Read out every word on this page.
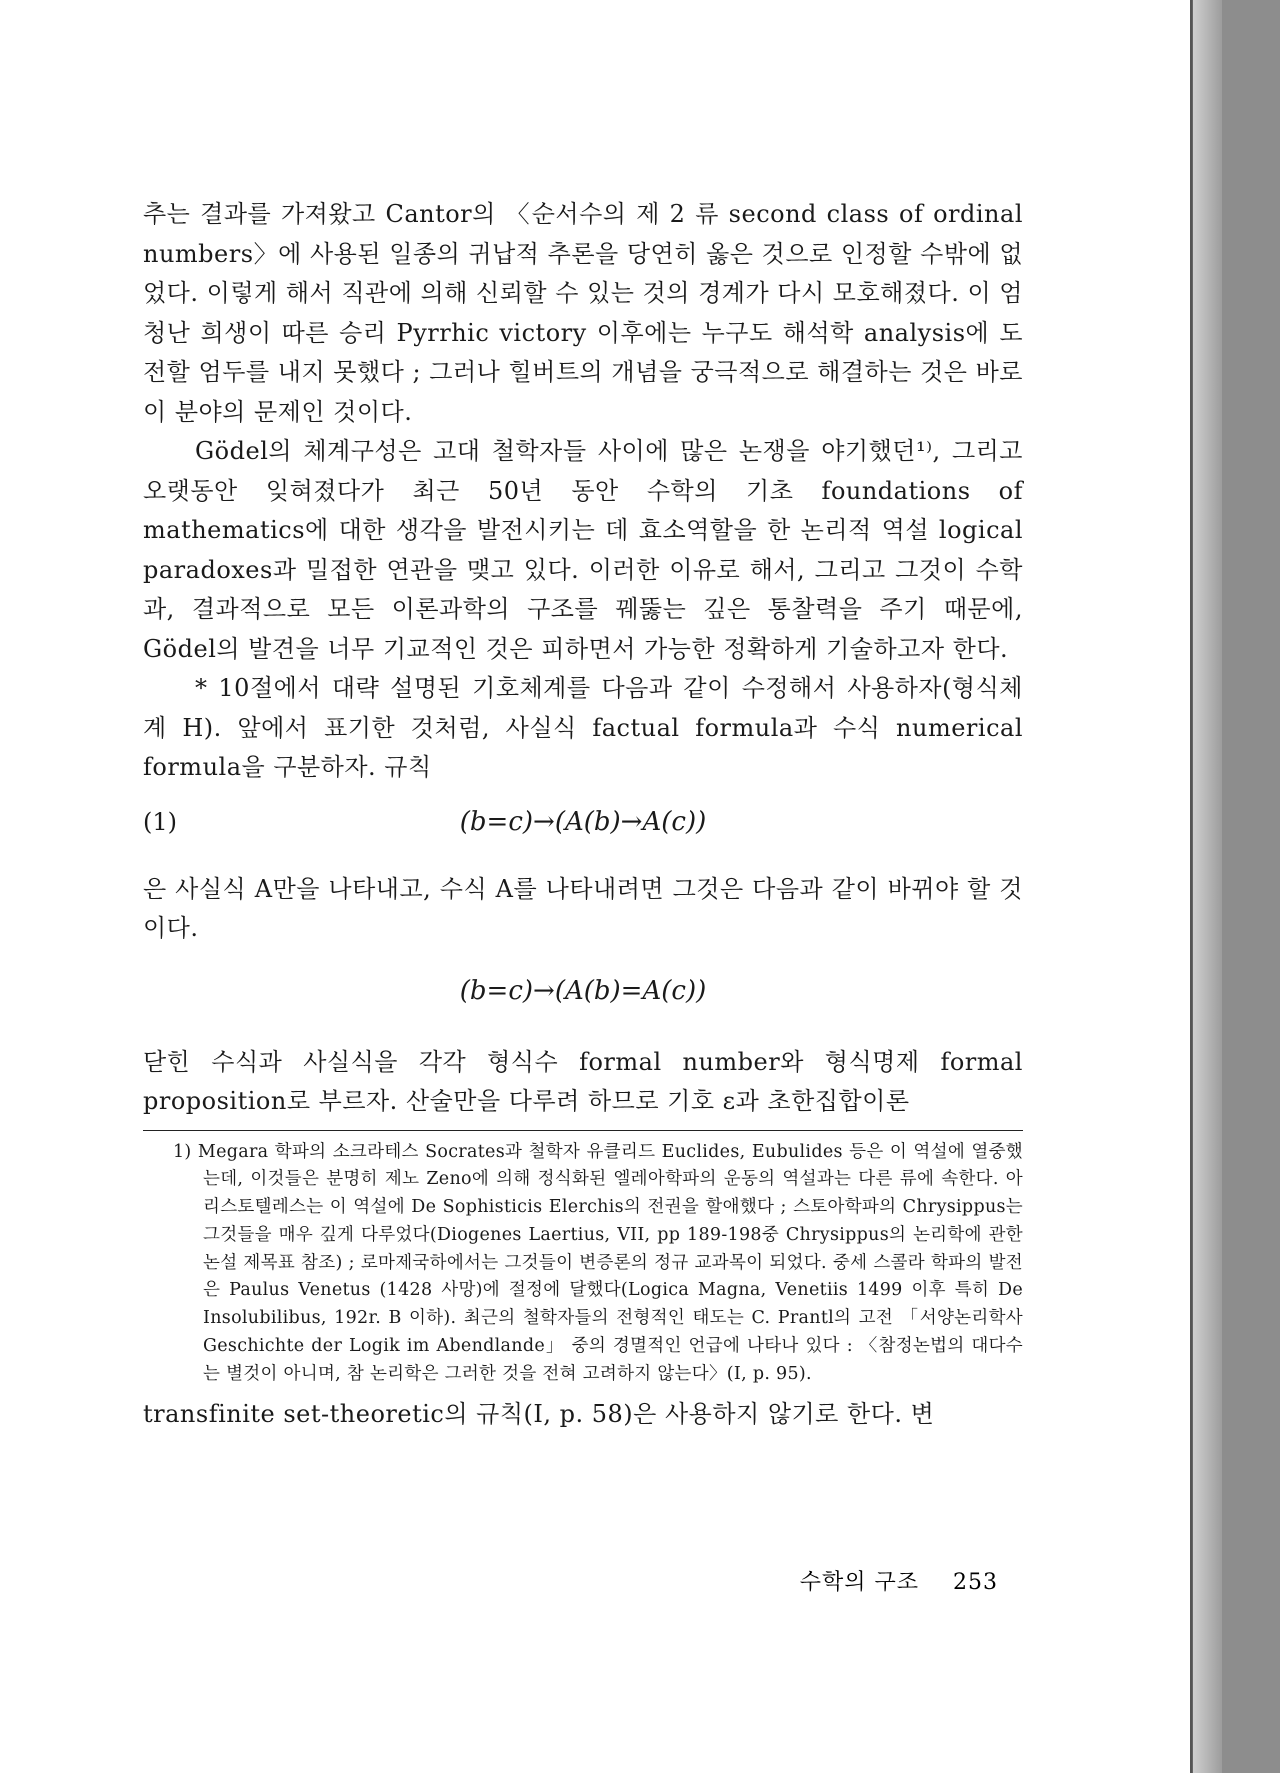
추는 결과를 가져왔고 Cantor의 〈순서수의 제 2 류 second class of ordinal numbers〉에 사용된 일종의 귀납적 추론을 당연히 옳은 것으로 인정할 수밖에 없었다. 이렇게 해서 직관에 의해 신뢰할 수 있는 것의 경계가 다시 모호해졌다. 이 엄청난 희생이 따른 승리 Pyrrhic victory 이후에는 누구도 해석학 analysis에 도전할 엄두를 내지 못했다 ; 그러나 힐버트의 개념을 궁극적으로 해결하는 것은 바로 이 분야의 문제인 것이다.

Gödel의 체계구성은 고대 철학자들 사이에 많은 논쟁을 야기했던¹⁾, 그리고 오랫동안 잊혀졌다가 최근 50년 동안 수학의 기초 foundations of mathematics에 대한 생각을 발전시키는 데 효소역할을 한 논리적 역설 logical paradoxes과 밀접한 연관을 맺고 있다. 이러한 이유로 해서, 그리고 그것이 수학과, 결과적으로 모든 이론과학의 구조를 꿰뚫는 깊은 통찰력을 주기 때문에, Gödel의 발견을 너무 기교적인 것은 피하면서 가능한 정확하게 기술하고자 한다.

* 10절에서 대략 설명된 기호체계를 다음과 같이 수정해서 사용하자(형식체계 H). 앞에서 표기한 것처럼, 사실식 factual formula과 수식 numerical formula을 구분하자. 규칙

(1)	(b=c)→(A(b)→A(c))

은 사실식 A만을 나타내고, 수식 A를 나타내려면 그것은 다음과 같이 바뀌야 할 것이다.

(b=c)→(A(b)=A(c))

닫힌 수식과 사실식을 각각 형식수 formal number와 형식명제 formal proposition로 부르자. 산술만을 다루려 하므로 기호 ε과 초한집합이론

1) Megara 학파의 소크라테스 Socrates과 철학자 유클리드 Euclides, Eubulides 등은 이 역설에 열중했는데, 이것들은 분명히 제노 Zeno에 의해 정식화된 엘레아학파의 운동의 역설과는 다른 류에 속한다. 아리스토텔레스는 이 역설에 De Sophisticis Elerchis의 전권을 할애했다 ; 스토아학파의 Chrysippus는 그것들을 매우 깊게 다루었다(Diogenes Laertius, VII, pp 189-198중 Chrysippus의 논리학에 관한 논설 제목표 참조) ; 로마제국하에서는 그것들이 변증론의 정규 교과목이 되었다. 중세 스콜라 학파의 발전은 Paulus Venetus (1428 사망)에 절정에 달했다(Logica Magna, Venetiis 1499 이후 특히 De Insolubilibus, 192r. B 이하). 최근의 철학자들의 전형적인 태도는 C. Prantl의 고전 「서양논리학사 Geschichte der Logik im Abendlande」 중의 경멸적인 언급에 나타나 있다 : 〈참정논법의 대다수는 별것이 아니며, 참 논리학은 그러한 것을 전혀 고려하지 않는다〉(I, p. 95).

transfinite set-theoretic의 규칙(Ⅰ, p. 58)은 사용하지 않기로 한다. 변

수학의 구조 253
